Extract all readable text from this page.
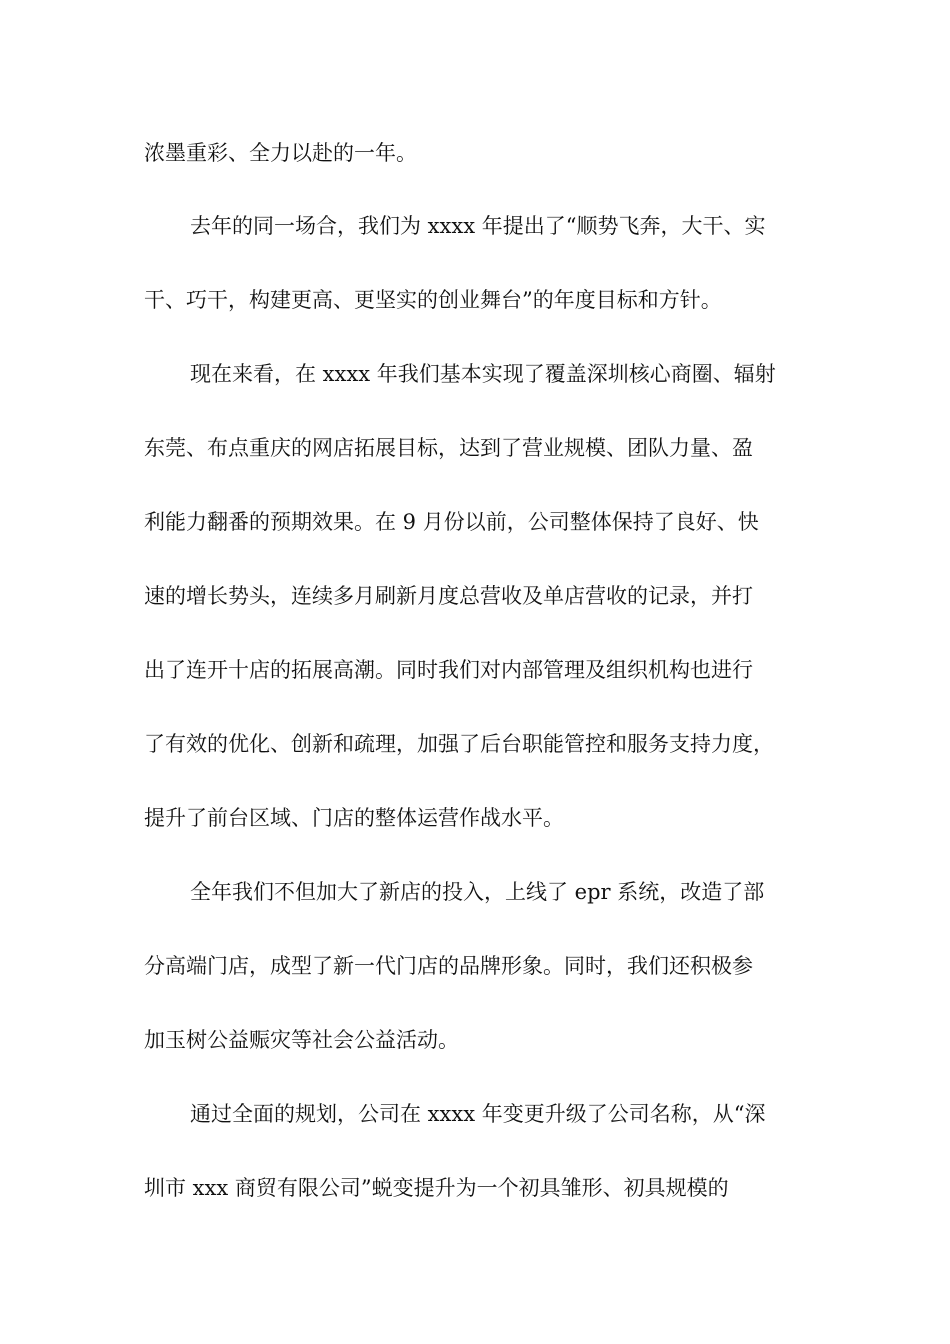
浓墨重彩、全力以赴的一年。
去年的同一场合，我们为 xxxx 年提出了“顺势飞奔，大干、实
干、巧干，构建更高、更坚实的创业舞台”的年度目标和方针。
现在来看，在 xxxx 年我们基本实现了覆盖深圳核心商圈、辐射
东莞、布点重庆的网店拓展目标，达到了营业规模、团队力量、盈
利能力翻番的预期效果。在 9 月份以前，公司整体保持了良好、快
速的增长势头，连续多月刷新月度总营收及单店营收的记录，并打
出了连开十店的拓展高潮。同时我们对内部管理及组织机构也进行
了有效的优化、创新和疏理，加强了后台职能管控和服务支持力度，
提升了前台区域、门店的整体运营作战水平。
全年我们不但加大了新店的投入，上线了 epr 系统，改造了部
分高端门店，成型了新一代门店的品牌形象。同时，我们还积极参
加玉树公益赈灾等社会公益活动。
通过全面的规划，公司在 xxxx 年变更升级了公司名称，从“深
圳市 xxx 商贸有限公司”蜕变提升为一个初具雏形、初具规模的
